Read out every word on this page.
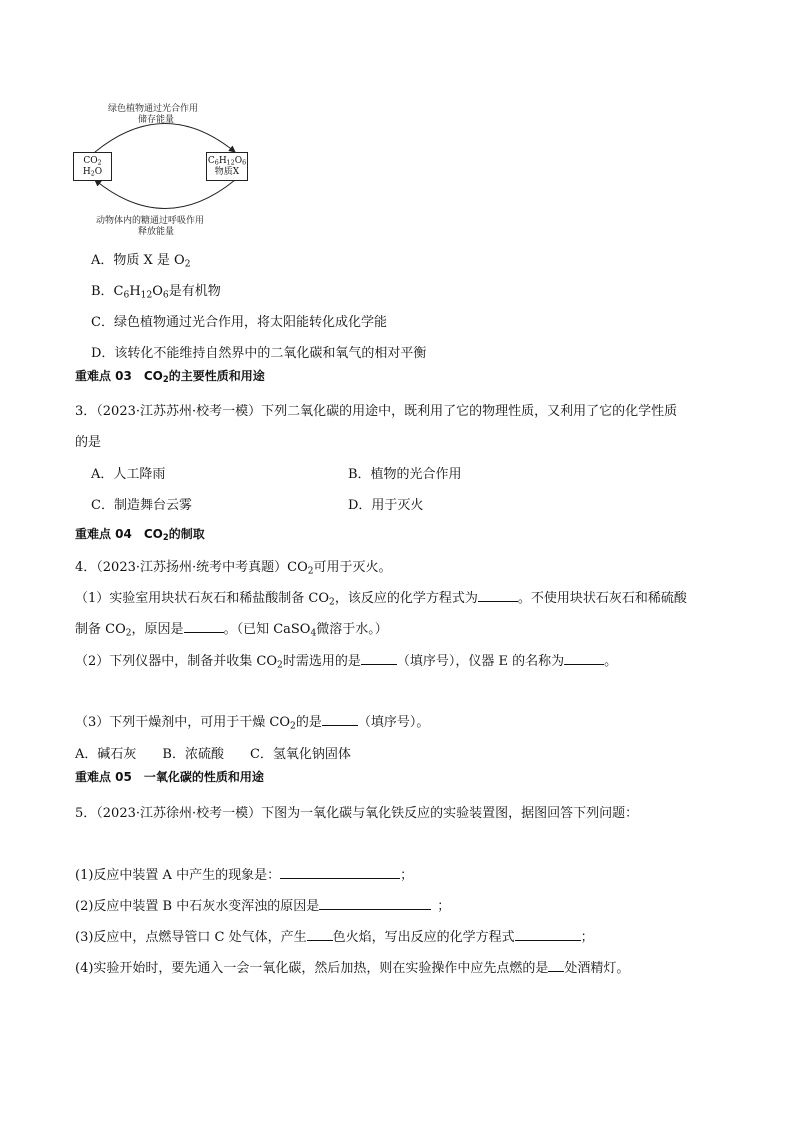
绿色植物通过光合作用
储存能量
$CO_2$
$H_2O$
$C_6H_{12}O_6$
物质X
动物体内的糖通过呼吸作用
释放能量
A．物质 X 是 $O_2$
B．$C_6H_{12}O_6$是有机物
C．绿色植物通过光合作用，将太阳能转化成化学能
D．该转化不能维持自然界中的二氧化碳和氧气的相对平衡
重难点 03　$CO_2$的主要性质和用途
3．（2023·江苏苏州·校考一模）下列二氧化碳的用途中，既利用了它的物理性质，又利用了它的化学性质
的是
A．人工降雨	B．植物的光合作用
C．制造舞台云雾	D．用于灭火
重难点 04　$CO_2$的制取
4．（2023·江苏扬州·统考中考真题）$CO_2$可用于灭火。
（1）实验室用块状石灰石和稀盐酸制备 $CO_2$，该反应的化学方程式为	。不使用块状石灰石和稀硫酸
制备 $CO_2$，原因是	。（已知 CaSO$_4$微溶于水。）
（2）下列仪器中，制备并收集 $CO_2$时需选用的是	（填序号），仪器 E 的名称为	。
（3）下列干燥剂中，可用于干燥 $CO_2$的是	（填序号）。
A．碱石灰　　B．浓硫酸　　C．氢氧化钠固体
重难点 05　一氧化碳的性质和用途
5．（2023·江苏徐州·校考一模）下图为一氧化碳与氧化铁反应的实验装置图，据图回答下列问题：
(1)反应中装置 A 中产生的现象是：	；
(2)反应中装置 B 中石灰水变浑浊的原因是	；
(3)反应中，点燃导管口 C 处气体，产生 色火焰，写出反应的化学方程式	；
(4)实验开始时，要先通入一会一氧化碳，然后加热，则在实验操作中应先点燃的是 处酒精灯。
